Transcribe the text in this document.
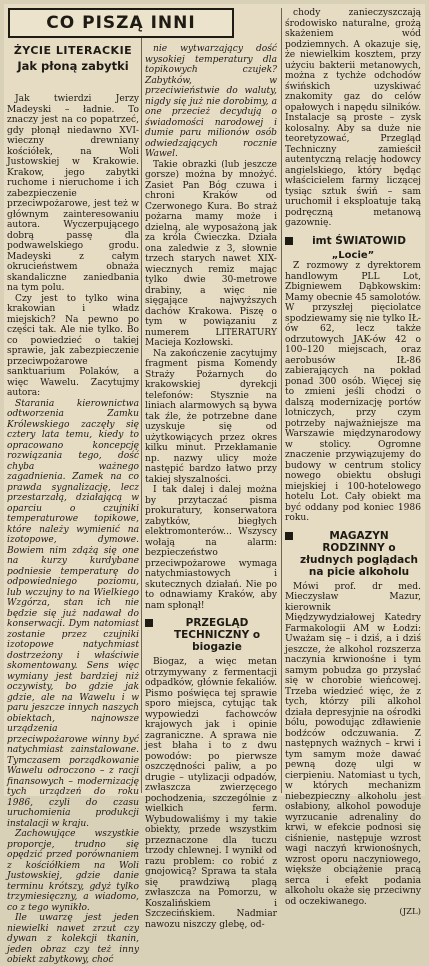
CO PISZĄ INNI
ŻYCIE LITERACKIE
Jak płoną zabytki

Jak twierdzi Jerzy Madeyski – ładnie. To znaczy jest na co popatrzeć, gdy płonął niedawno XVI-wieczny drewniany kościółek, na Woli Justowskiej w Krakowie. Krakow, jego zabytki ruchome i nieruchome i ich zabezpieczenie przeciwpożarowe, jest też w głównym zainteresowaniu autora. Wyczerpującego dobrą passę dla podwawelskiego grodu. Madeyski z całym okrucieństwem obnaża skandaliczne zaniedbania na tym polu.

Czy jest to tylko wina krakowian i władz miejskich? Na pewno po części tak. Ale nie tylko. Bo co powiedzieć o takiej sprawie, jak zabezpieczenie przeciwpożarowe sanktuarium Polaków, a więc Wawelu. Zacytujmy autora:

Starania kierownictwa odtworzenia Zamku Królewskiego zaczęły się cztery lata temu, kiedy to opracowano koncepcję rozwiązania tego, dość chyba ważnego zagadnienia. Zamek na co prawda sygnalizację, lecz przestarzałą, działającą w oparciu o czujniki temperaturowe topikowe, które należy wymienić na izotopowe, dymowe. Bowiem nim zdążą się one na kurzy kurdybane podniesie temperaturę do odpowiedniego poziomu, lub wczujny to na Wielkiego Wzgórza, stan ich nie będzie się już nadawał do konserwacji. Dym natomiast zostanie przez czujniki izotopowe natychmiast dostrzeżony i właściwie skomentowany. Sens więc wymiany jest bardziej niż oczywisty, bo gdzie jak gdzie, ale na Wawelu i w paru jeszcze innych naszych obiektach, najnowsze urządzenia przeciwpożarowe winny być natychmiast zainstalowane. Tymczasem porządkowanie Wawelu odroczono – z racji finansowych – modernizację tych urządzeń do roku 1986, czyli do czasu uruchomienia produkcji instalacji w kraju.

Zachowujące wszystkie proporcje, trudno się opędzić przed porównaniem z kościółkiem na Woli Justowskiej, gdzie danie terminu krótszy, gdyż tylko trzymiesięczny, a wiadomo, co z tego wynikło.

Ile uwarzę jest jeden niewielki nawet zrzut czy dywan z kolekcji tkanin, jeden obraz czy też inny obiekt zabytkowy, choć

nie wytwarzający dość wysokiej temperatury dla topikowych czujek? Zabytków, w przeciwieństwie do waluty, nigdy się już nie dorobimy, a one przecież decydują o świadomości narodowej i dumie paru milionów osób odwiedzających rocznie Wawel.

Takie obrazki (lub jeszcze gorsze) można by mnożyć. Zasiet Pan Bóg czuwa i chroni Kraków od Czerwonego Kura. Bo straż pożarna mamy może i dzielną, ale wyposażoną jak za króla Ćwieczka. Działa ona zaledwie z 3, słownie trzech starych nawet XIX-wiecznych remiz mając tylko dwie 30-metrowe drabiny, a więc nie sięgające najwyższych dachów Krakowa. Piszę o tym w powiązaniu z numerem LITERATURY Macieja Kozłowski.

Na zakończenie zacytujmy fragment pisma Komendy Straży Pożarnych do krakowskiej dyrekcji telefonów: Stysznie na liniach alarmowych są bywa tak źle, że potrzebne dane uzyskuje się od użytkowiących przez okres kilku minut. Przekłamanie np. nazwy ulicy może następić bardzo łatwo przy takiej słyszalności.

I tak dalej i dalej można by przytaczać pisma prokuratury, konserwatora zabytków, biegłych elektromonterów... Wszyscy wołają na alarm: bezpieczeństwo przeciwpożarowe wymaga natychmiastowych i skutecznych działań. Nie po to odnawiamy Kraków, aby nam spłonął!

PRZEGLĄD TECHNICZNY o biogazie

Biogaz, a więc metan otrzymywany z fermentacji odpadków, głównie fekaliów. Pismo poświęca tej sprawie sporo miejsca, cytując tak wypowiedzi fachowców krajowych jak i opinie zagraniczne. A sprawa nie jest błaha i to z dwu powodów: po pierwsze oszczędności paliw, a po drugie – utylizacji odpadów, zwłaszcza zwierzęcego pochodzenia, szczególnie z wielkich ferm. Wybudowaliśmy i my takie obiekty, przede wszystkim przeznaczone dla tuczu trzody chlewnej. I wynikł od razu problem: co robić z gnojowicą? Sprawa ta stała się prawdziwą plagą zwłaszcza na Pomorzu, w Koszalińskiem i Szczecińskiem. Nadmiar nawozu niszczy glebę, od-

chody zanieczyszczają środowisko naturalne, grożą skażeniem wód podziemnych. A okazuje się, że niewielkim kosztem, przy użyciu bakterii metanowych, można z tychże odchodów świńskich uzyskiwać znakomity gaz do celów opałowych i napędu silników. Instalacje są proste – zysk kolosalny. Aby sa duże nie teoretyzować, Przegląd Techniczny zamieścił autentyczną relację hodowcy angielskiego, który będąc właścicielem farmy liczącej tysiąc sztuk świń – sam uruchomił i eksploatuje taką podręczną metanową gazownię.

imt ŚWIATOWID
„Locie”

Z rozmowy z dyrektorem handlowym PLL Lot, Zbigniewem Dąbkowskim: Mamy obecnie 45 samolotów. W przyszłej pięciolatce spodziewamy się nie tylko IŁ-ów 62, lecz także odrzutowych JAK-ów 42 o 100–120 miejscach, oraz aerobusów IŁ-86 zabierających na pokład ponad 300 osób. Więcej się to zmieni jeśli chodzi o dalszą modernizację portów lotniczych, przy czym potrzeby najważniejsze ma Warszawie międzynarodowy w stolicy. Ogromne znaczenie przywiązujemy do budowy w centrum stolicy nowego obiektu obsługi miejskiej i 100-hotelowego hotelu Lot. Cały obiekt ma być oddany pod koniec 1986 roku.

MAGAZYN RODZINNY o złudnych poglądach na picie alkoholu

Mówi prof. dr med. Mieczysław Mazur, kierownik Międzywydziałowej Katedry Farmakologii AM w Łodzi: Uważam się – i dziś, a i dziś jeszcze, że alkohol rozszerza naczynia krwionośne i tym samym pobudza go przysłać się w chorobie wieńcowej. Trzeba wiedzieć więc, że z tych, którzy pili alkohol działa depresyjnie na ośrodki bólu, powodując zdławienie bodźców odczuwania. Z następnych ważnych – krwi i tym samym może dawać pewną dozę ulgi w cierpieniu. Natomiast u tych, w których mechanizm niebezpieczny alkoholu jest osłabiony, alkohol powoduje wyrzucanie adrenaliny do krwi, w efekcie podnosi się ciśnienie, następuje wzrost wagi naczyń krwionośnych, wzrost oporu naczyniowego, więksże obciążenie pracą serca i efekt podania alkoholu okaże się przeciwny od oczekiwanego.

(JZL)
